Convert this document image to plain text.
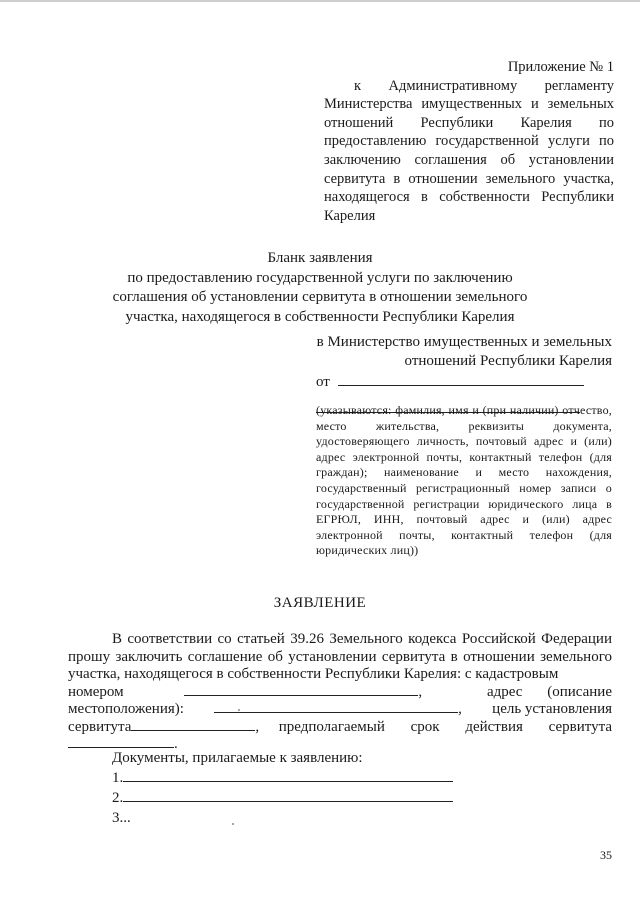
Приложение № 1

к Административному регламенту Министерства имущественных и земельных отношений Республики Карелия по предоставлению государственной услуги по заключению соглашения об установлении сервитута в отношении земельного участка, находящегося в собственности Республики Карелия

Бланк заявления
по предоставлению государственной услуги по заключению
соглашения об установлении сервитута в отношении земельного
участка, находящегося в собственности Республики Карелия
в Министерство имущественных и земельных
отношений Республики Карелия
от
(указываются: фамилия, имя и (при наличии) отчество, место жительства, реквизиты документа, удостоверяющего личность, почтовый адрес и (или) адрес электронной почты, контактный телефон (для граждан); наименование и место нахождения, государственный регистрационный номер записи о государственной регистрации юридического лица в ЕГРЮЛ, ИНН, почтовый адрес и (или) адрес электронной почты, контактный телефон (для юридических лиц))
ЗАЯВЛЕНИЕ

В соответствии со статьей 39.26 Земельного кодекса Российской Федерации прошу заключить соглашение об установлении сервитута в отношении земельного участка, находящегося в собственности Республики Карелия: с кадастровым

номером	,	адрес (описание
местоположения):	, цель установления
сервитута	, предполагаемый срок действия сервитута
.
Документы, прилагаемые к заявлению:
1.
2.
3...
35
